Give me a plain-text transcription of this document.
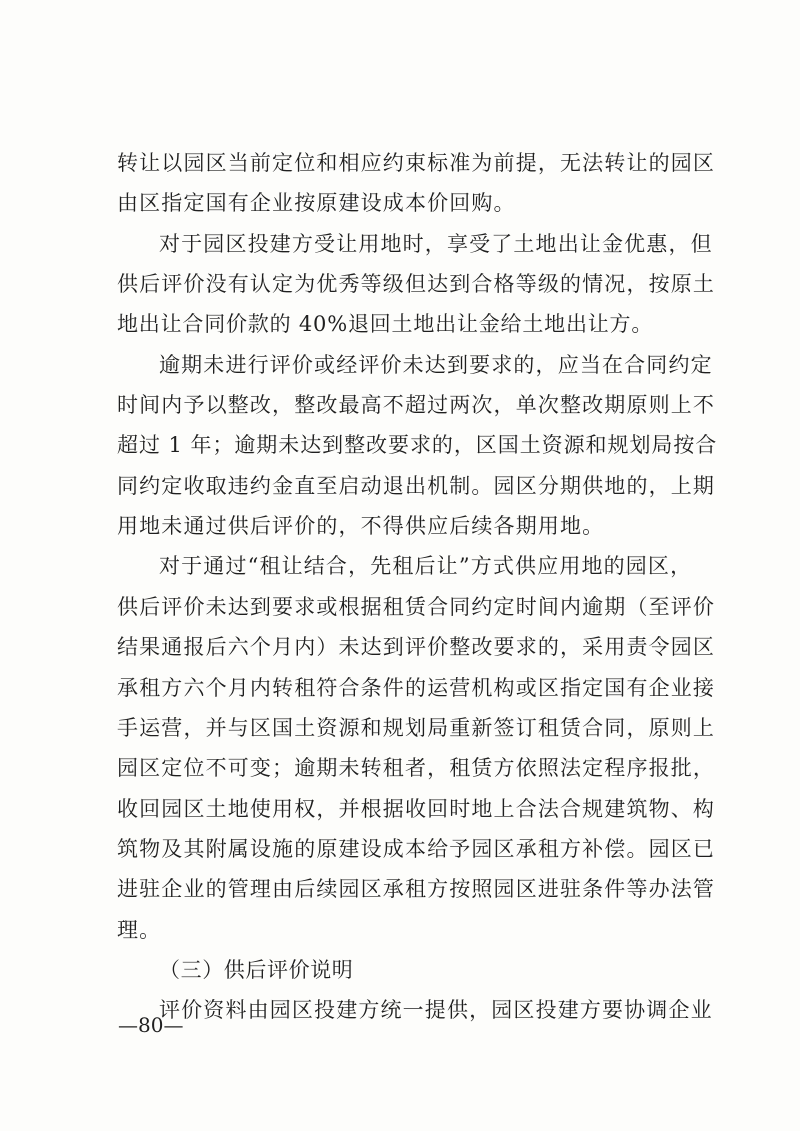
转让以园区当前定位和相应约束标准为前提，无法转让的园区
由区指定国有企业按原建设成本价回购。
对于园区投建方受让用地时，享受了土地出让金优惠，但
供后评价没有认定为优秀等级但达到合格等级的情况，按原土
地出让合同价款的 40%退回土地出让金给土地出让方。
逾期未进行评价或经评价未达到要求的，应当在合同约定
时间内予以整改，整改最高不超过两次，单次整改期原则上不
超过 1 年；逾期未达到整改要求的，区国土资源和规划局按合
同约定收取违约金直至启动退出机制。园区分期供地的，上期
用地未通过供后评价的，不得供应后续各期用地。
对于通过“租让结合，先租后让”方式供应用地的园区，
供后评价未达到要求或根据租赁合同约定时间内逾期（至评价
结果通报后六个月内）未达到评价整改要求的，采用责令园区
承租方六个月内转租符合条件的运营机构或区指定国有企业接
手运营，并与区国土资源和规划局重新签订租赁合同，原则上
园区定位不可变；逾期未转租者，租赁方依照法定程序报批，
收回园区土地使用权，并根据收回时地上合法合规建筑物、构
筑物及其附属设施的原建设成本给予园区承租方补偿。园区已
进驻企业的管理由后续园区承租方按照园区进驻条件等办法管
理。
（三）供后评价说明
评价资料由园区投建方统一提供，园区投建方要协调企业
—80—
